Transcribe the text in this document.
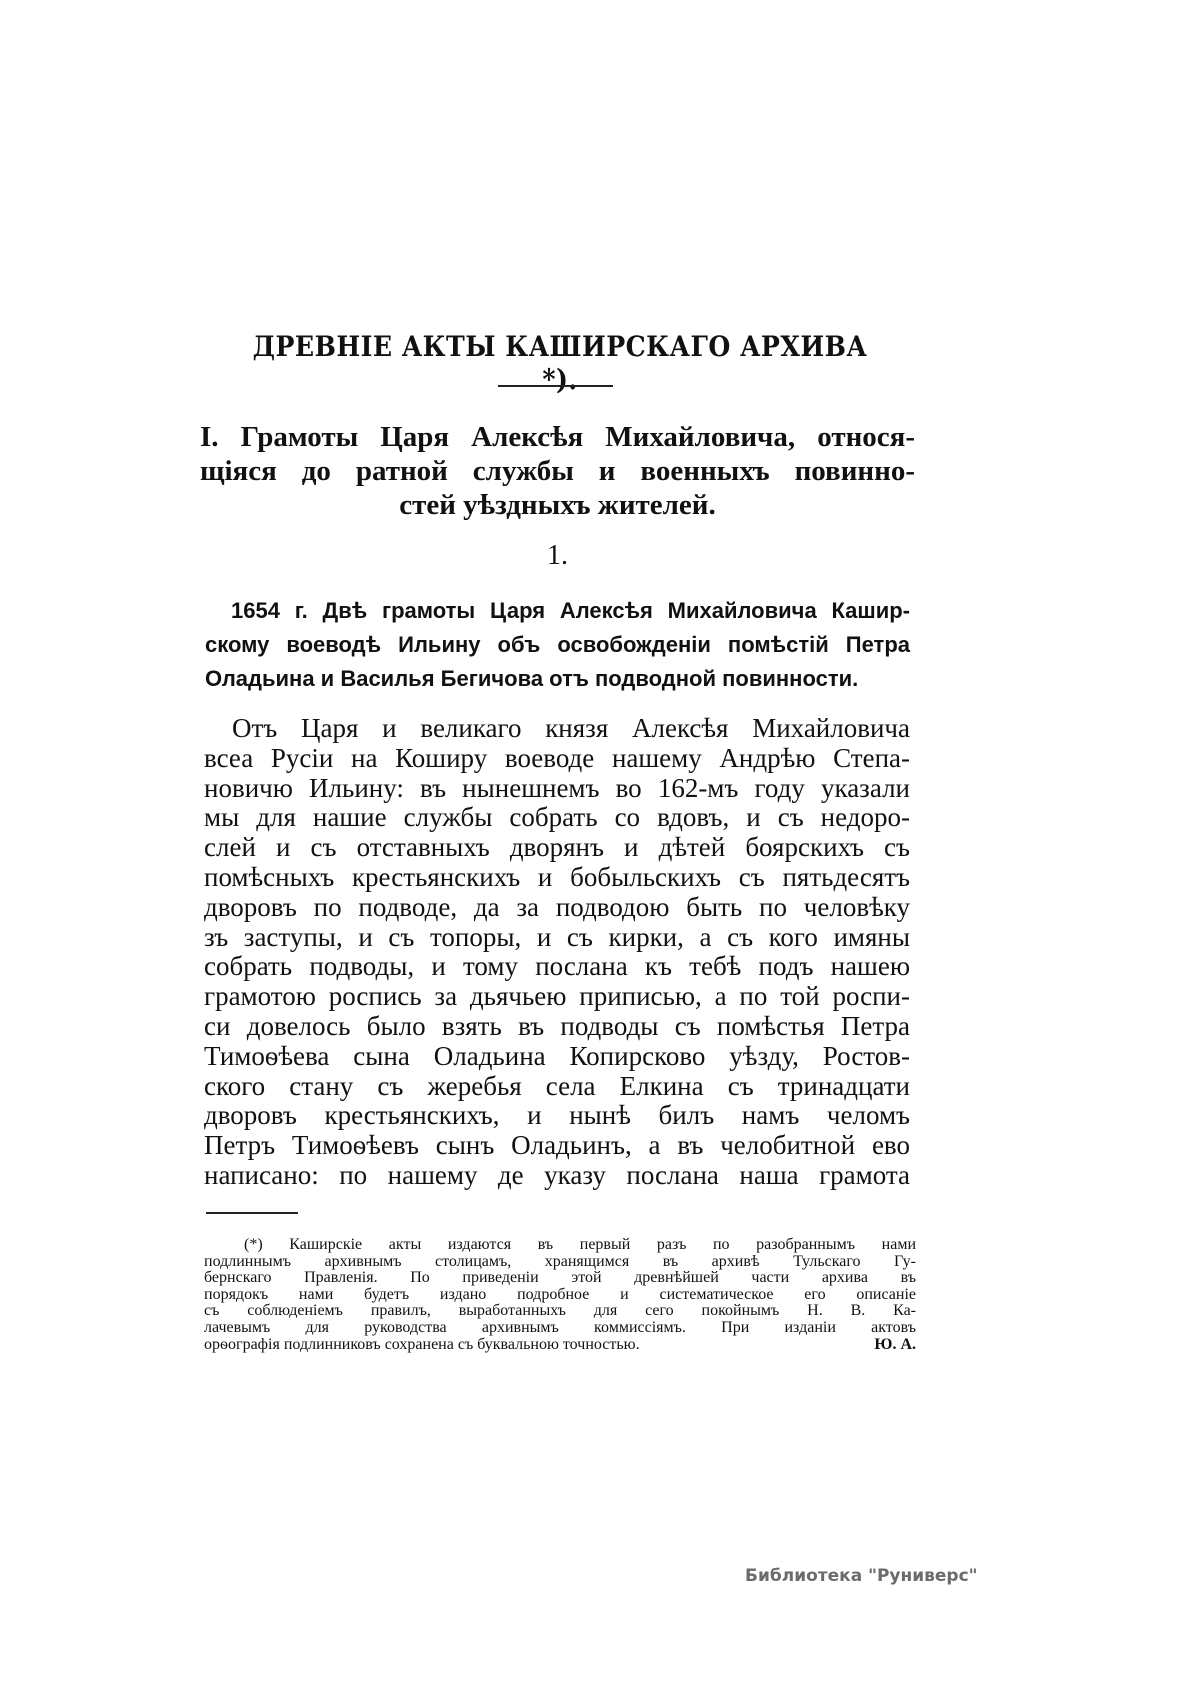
ДРЕВНІЕ АКТЫ КАШИРСКАГО АРХИВА *).
I. Грамоты Царя Алексѣя Михайловича, относя-
щіяся до ратной службы и военныхъ повинно-
стей уѣздныхъ жителей.
1.
1654 г. Двѣ грамоты Царя Алексѣя Михайловича Кашир-
скому воеводѣ Ильину объ освобожденіи помѣстій Петра
Оладьина и Василья Бегичова отъ подводной повинности.
Отъ Царя и великаго князя Алексѣя Михайловича
всеа Русіи на Коширу воеводе нашему Андрѣю Степа-
новичю Ильину: въ нынешнемъ во 162-мъ году указали
мы для нашие службы собрать со вдовъ, и съ недоро-
слей и съ отставныхъ дворянъ и дѣтей боярскихъ съ
помѣсныхъ крестьянскихъ и бобыльскихъ съ пятьдесятъ
дворовъ по подводе, да за подводою быть по человѣку
зъ заступы, и съ топоры, и съ кирки, а съ кого имяны
собрать подводы, и тому послана къ тебѣ подъ нашею
грамотою роспись за дьячьею приписью, а по той роспи-
си довелось было взять въ подводы съ помѣстья Петра
Тимоѳѣева сына Оладьина Копирсково уѣзду, Ростов-
ского стану съ жеребья села Елкина съ тринадцати
дворовъ крестьянскихъ, и нынѣ билъ намъ челомъ
Петръ Тимоѳѣевъ сынъ Оладьинъ, а въ челобитной ево
написано: по нашему де указу послана наша грамота
(*) Каширскіе акты издаются въ первый разъ по разобраннымъ нами
подлиннымъ архивнымъ столицамъ, хранящимся въ архивѣ Тульскаго Гу-
бернскаго Правленія. По приведеніи этой древнѣйшей части архива въ
порядокъ нами будетъ издано подробное и систематическое его описаніе
съ соблюденіемъ правилъ, выработанныхъ для сего покойнымъ Н. В. Ка-
лачевымъ для руководства архивнымъ коммиссіямъ. При изданіи актовъ
орѳографія подлинниковъ сохранена съ буквальною точностью.	Ю. А.
Библиотека "Руниверс"
